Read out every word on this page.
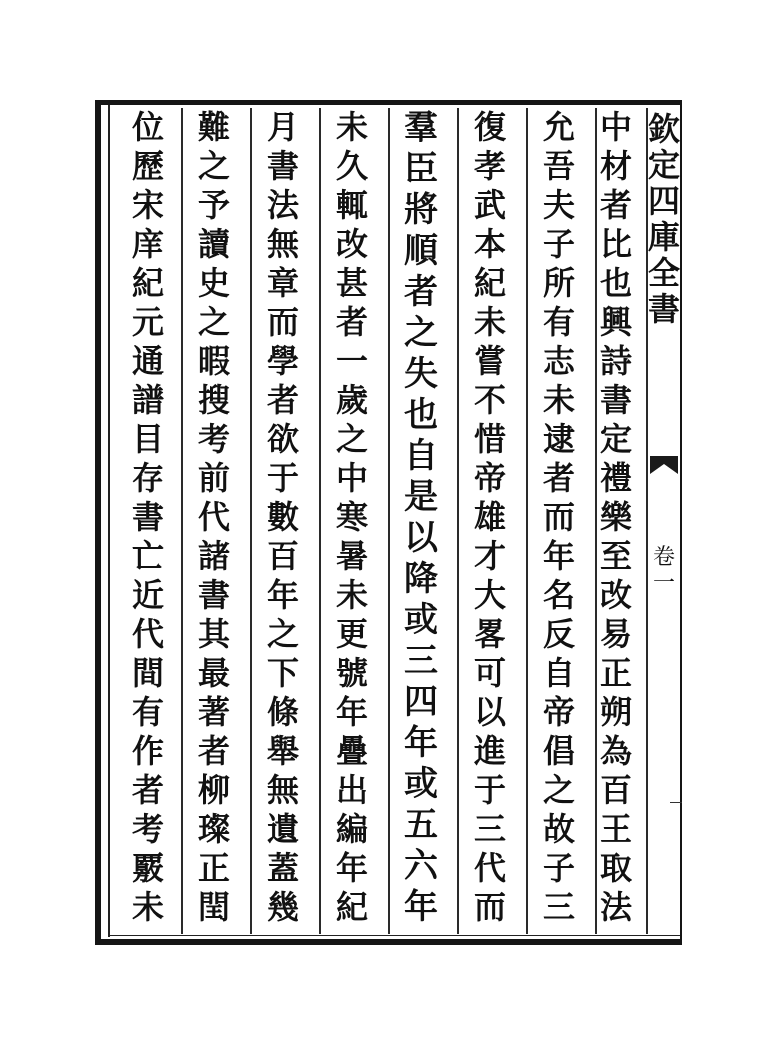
欽
定
四
庫
全
書
卷
一
中
材
者
比
也
興
詩
書
定
禮
樂
至
改
易
正
朔
為
百
王
取
法
允
吾
夫
子
所
有
志
未
逮
者
而
年
名
反
自
帝
倡
之
故
子
三
復
孝
武
本
紀
未
嘗
不
惜
帝
雄
才
大
畧
可
以
進
于
三
代
而
羣
臣
將
順
者
之
失
也
自
是
以
降
或
三
四
年
或
五
六
年
未
久
輒
改
甚
者
一
歲
之
中
寒
暑
未
更
號
年
疊
出
編
年
紀
月
書
法
無
章
而
學
者
欲
于
數
百
年
之
下
條
舉
無
遺
蓋
幾
難
之
予
讀
史
之
暇
搜
考
前
代
諸
書
其
最
著
者
柳
璨
正
閏
位
歷
宋
庠
紀
元
通
譜
目
存
書
亡
近
代
間
有
作
者
考
覈
未
